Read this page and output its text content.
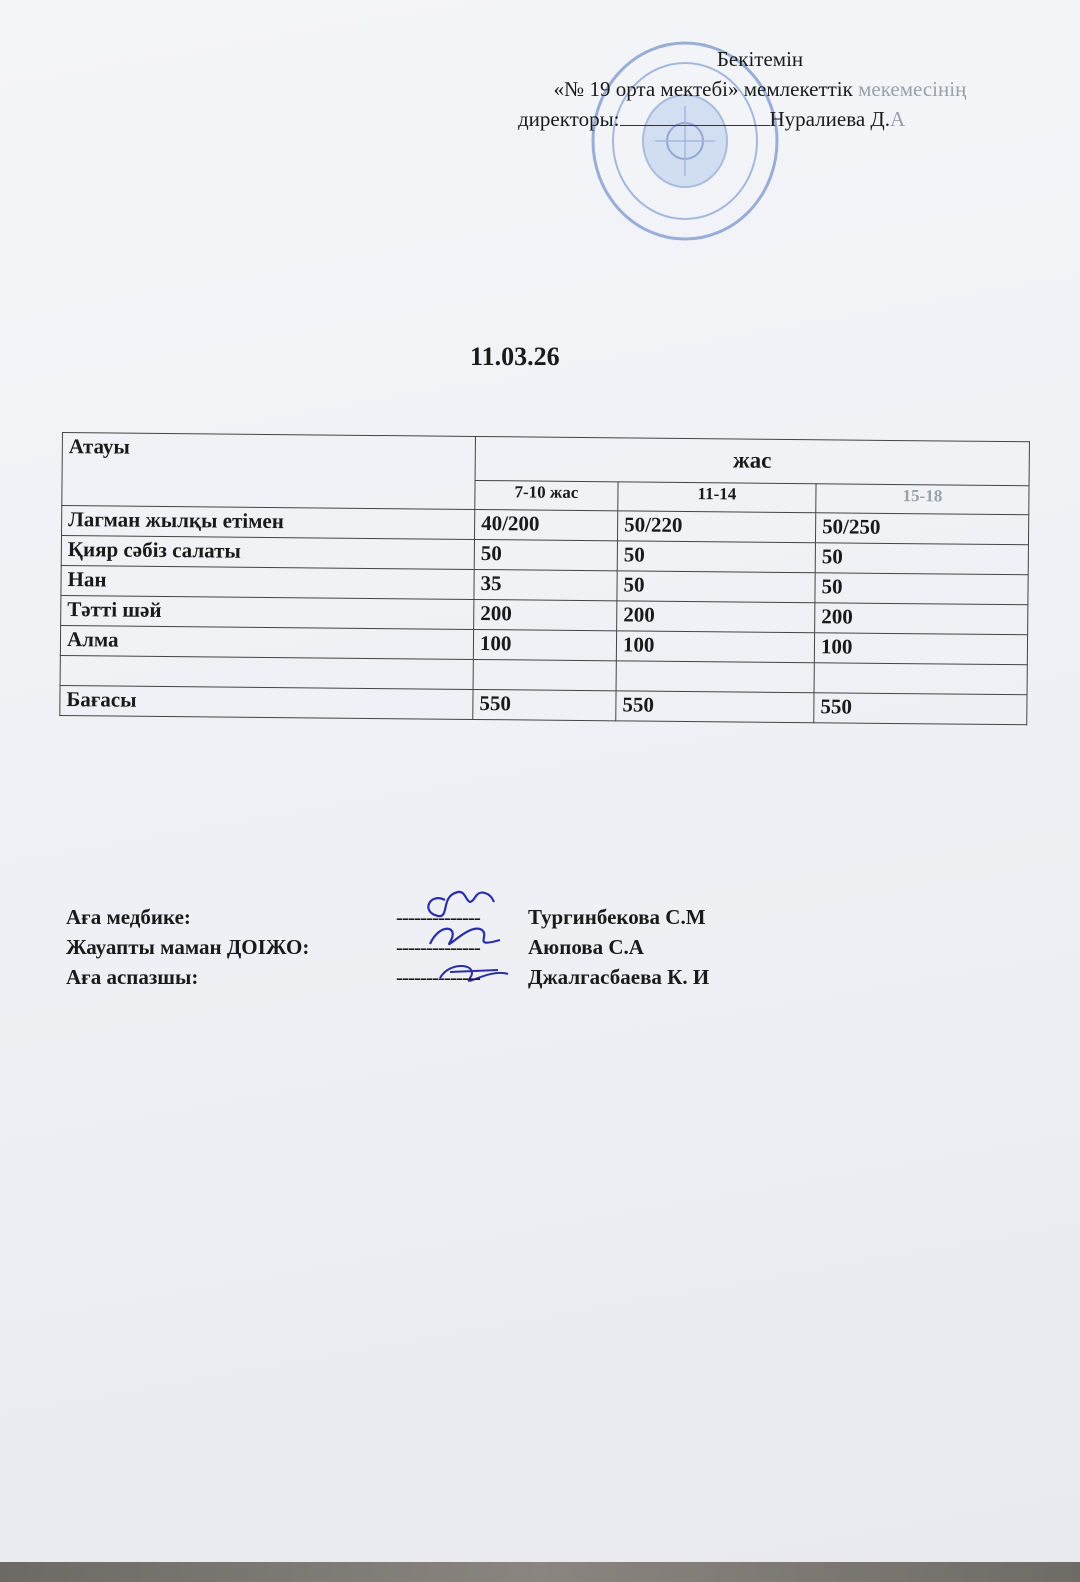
Бекітемін
«№ 19 орта мектебі» мемлекеттік мекемесінің
директоры:	Нуралиева Д.А
11.03.26
Атауы	жас		
	7-10 жас	11-14	15-18
Лагман жылқы етімен	40/200	50/220	50/250
Қияр сәбіз салаты	50	50	50
Нан	35	50	50
Тәтті шәй	200	200	200
Алма	100	100	100

Бағасы	550	550	550
Аға медбике:	-------------- Тургинбекова С.М
Жауапты маман ДОІЖО:	-------------- Аюпова С.А
Аға аспазшы:	-------------- Джалгасбаева К. И
